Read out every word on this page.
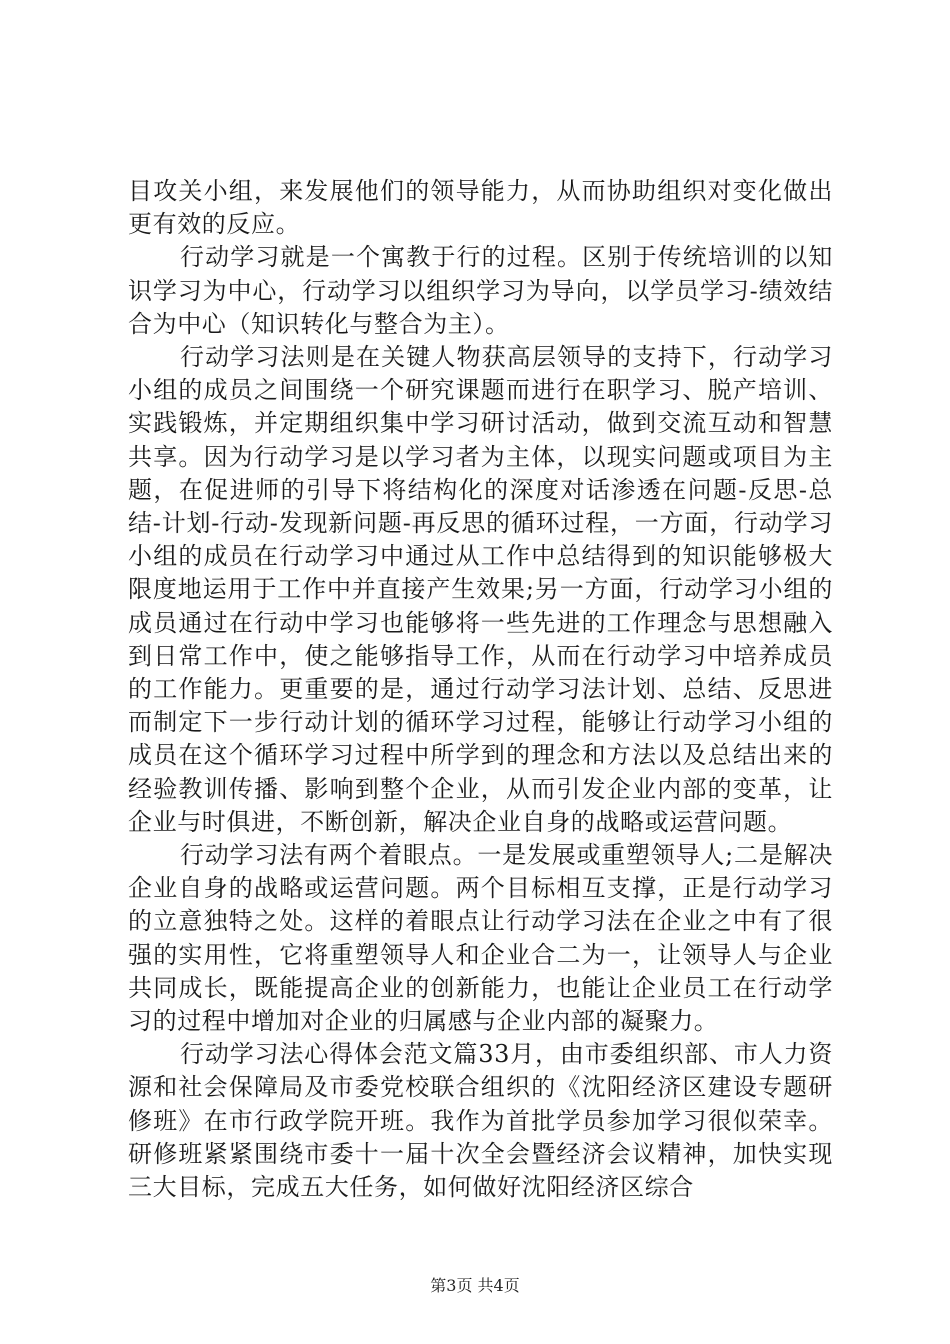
目攻关小组，来发展他们的领导能力，从而协助组织对变化做出更有效的反应。

行动学习就是一个寓教于行的过程。区别于传统培训的以知识学习为中心，行动学习以组织学习为导向，以学员学习-绩效结合为中心（知识转化与整合为主）。

行动学习法则是在关键人物获高层领导的支持下，行动学习小组的成员之间围绕一个研究课题而进行在职学习、脱产培训、实践锻炼，并定期组织集中学习研讨活动，做到交流互动和智慧共享。因为行动学习是以学习者为主体，以现实问题或项目为主题，在促进师的引导下将结构化的深度对话渗透在问题-反思-总结-计划-行动-发现新问题-再反思的循环过程，一方面，行动学习小组的成员在行动学习中通过从工作中总结得到的知识能够极大限度地运用于工作中并直接产生效果;另一方面，行动学习小组的成员通过在行动中学习也能够将一些先进的工作理念与思想融入到日常工作中，使之能够指导工作，从而在行动学习中培养成员的工作能力。更重要的是，通过行动学习法计划、总结、反思进而制定下一步行动计划的循环学习过程，能够让行动学习小组的成员在这个循环学习过程中所学到的理念和方法以及总结出来的经验教训传播、影响到整个企业，从而引发企业内部的变革，让企业与时俱进，不断创新，解决企业自身的战略或运营问题。

行动学习法有两个着眼点。一是发展或重塑领导人;二是解决企业自身的战略或运营问题。两个目标相互支撑，正是行动学习的立意独特之处。这样的着眼点让行动学习法在企业之中有了很强的实用性，它将重塑领导人和企业合二为一，让领导人与企业共同成长，既能提高企业的创新能力，也能让企业员工在行动学习的过程中增加对企业的归属感与企业内部的凝聚力。

行动学习法心得体会范文篇33月，由市委组织部、市人力资源和社会保障局及市委党校联合组织的《沈阳经济区建设专题研修班》在市行政学院开班。我作为首批学员参加学习很似荣幸。研修班紧紧围绕市委十一届十次全会暨经济会议精神，加快实现三大目标，完成五大任务，如何做好沈阳经济区综合

第3页 共4页
